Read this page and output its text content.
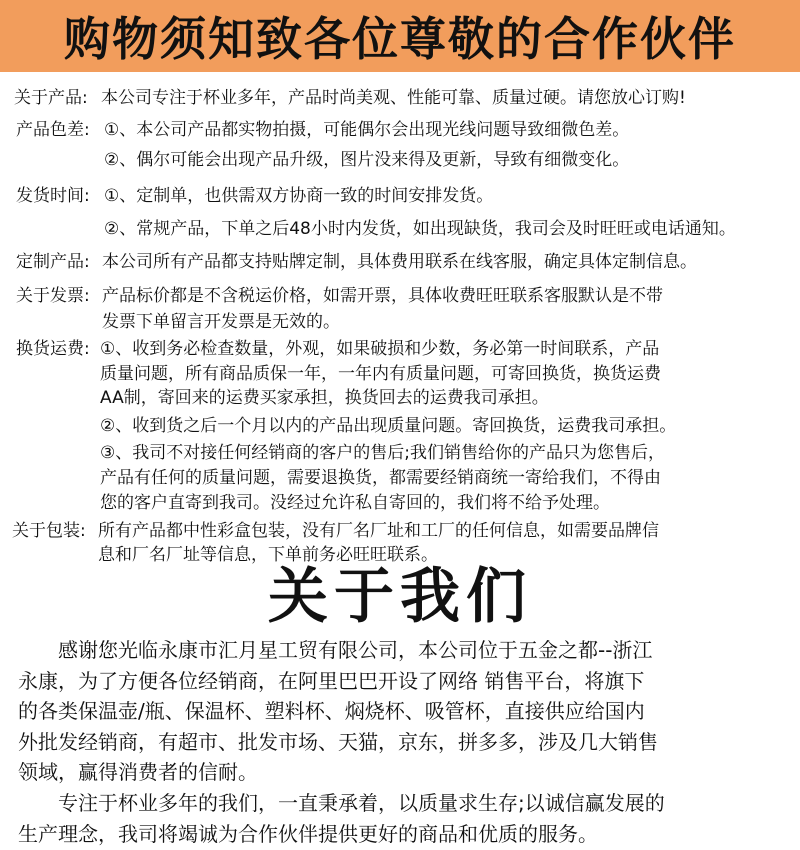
购物须知致各位尊敬的合作伙伴
关于产品: 本公司专注于杯业多年，产品时尚美观、性能可靠、质量过硬。请您放心订购!
产品色差: ①、本公司产品都实物拍摄，可能偶尔会出现光线问题导致细微色差。
②、偶尔可能会出现产品升级，图片没来得及更新，导致有细微变化。
发货时间: ①、定制单，也供需双方协商一致的时间安排发货。
②、常规产品，下单之后48小时内发货，如出现缺货，我司会及时旺旺或电话通知。
定制产品: 本公司所有产品都支持贴牌定制，具体费用联系在线客服，确定具体定制信息。
关于发票: 产品标价都是不含税运价格，如需开票，具体收费旺旺联系客服默认是不带
发票下单留言开发票是无效的。
换货运费: ①、收到务必检查数量，外观，如果破损和少数，务必第一时间联系，产品
质量问题，所有商品质保一年，一年内有质量问题，可寄回换货，换货运费
AA制，寄回来的运费买家承担，换货回去的运费我司承担。
②、收到货之后一个月以内的产品出现质量问题。寄回换货，运费我司承担。
③、我司不对接任何经销商的客户的售后;我们销售给你的产品只为您售后，
产品有任何的质量问题，需要退换货，都需要经销商统一寄给我们，不得由
您的客户直寄到我司。没经过允许私自寄回的，我们将不给予处理。
关于包装: 所有产品都中性彩盒包装，没有厂名厂址和工厂的任何信息，如需要品牌信
息和厂名厂址等信息，下单前务必旺旺联系。
关于我们
　　感谢您光临永康市汇月星工贸有限公司，本公司位于五金之都--浙江
永康，为了方便各位经销商，在阿里巴巴开设了网络 销售平台，将旗下
的各类保温壶/瓶、保温杯、塑料杯、焖烧杯、吸管杯，直接供应给国内
外批发经销商，有超市、批发市场、天猫，京东，拼多多，涉及几大销售
领域，赢得消费者的信耐。
　　专注于杯业多年的我们，一直秉承着，以质量求生存;以诚信赢发展的
生产理念，我司将竭诚为合作伙伴提供更好的商品和优质的服务。
